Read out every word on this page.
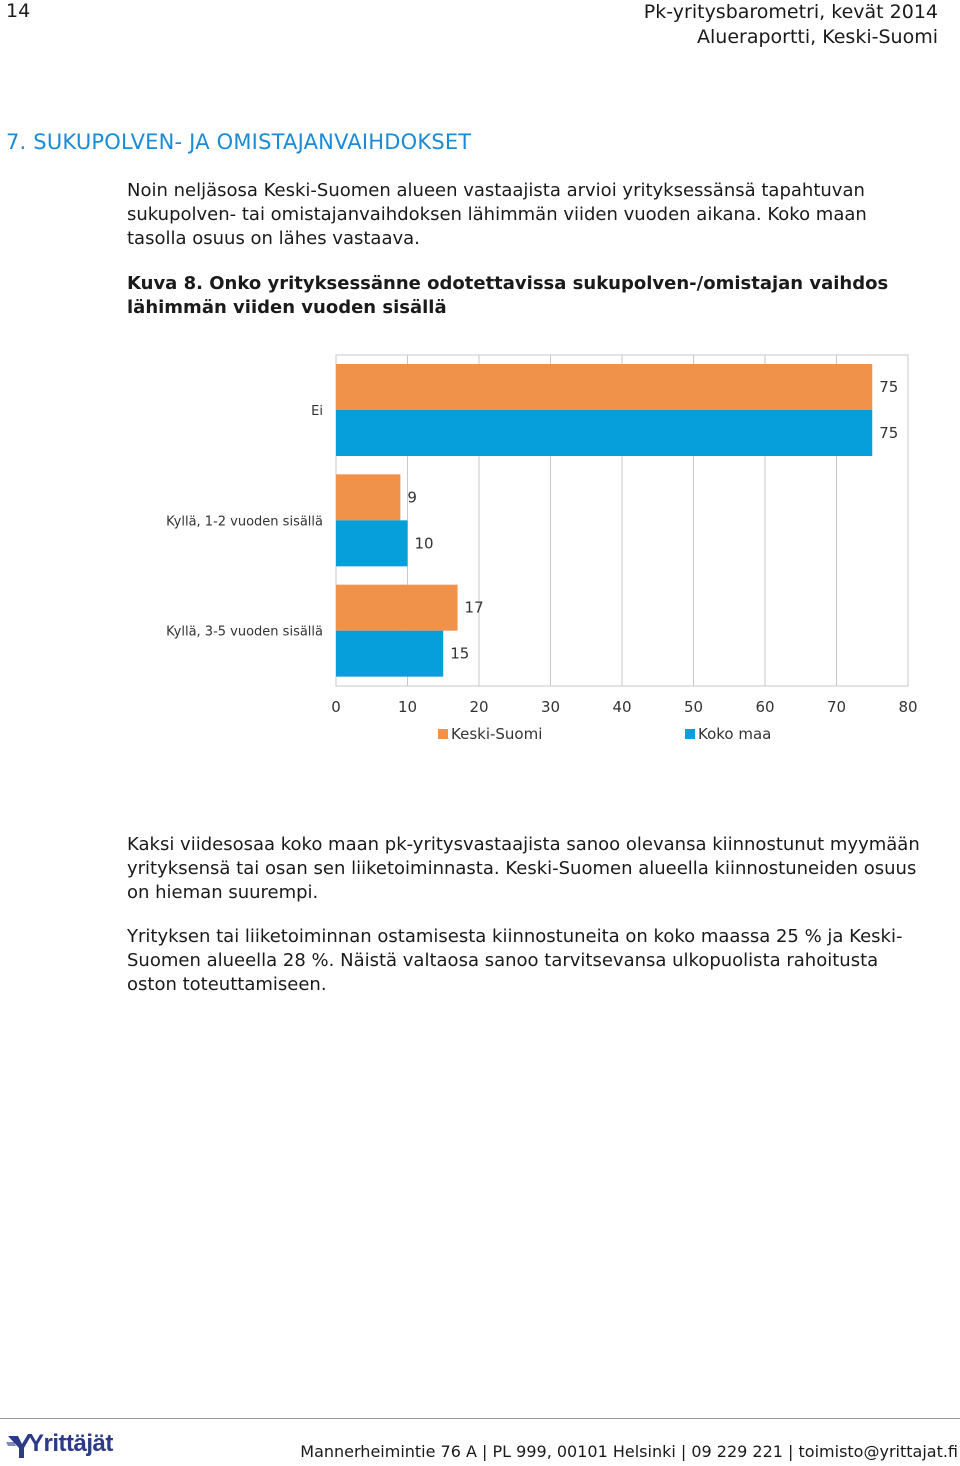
14	Pk-yritysbarometri, kevät 2014
Alueraportti, Keski-Suomi
7. SUKUPOLVEN- JA OMISTAJANVAIHDOKSET
Noin neljäsosa Keski-Suomen alueen vastaajista arvioi yrityksessänsä tapahtuvan sukupolven- tai omistajanvaihdoksen lähimmän viiden vuoden aikana. Koko maan tasolla osuus on lähes vastaava.
Kuva 8. Onko yrityksessänne odotettavissa sukupolven-/omistajan vaihdos lähimmän viiden vuoden sisällä
0	10	20	30	40	50	60	70	80
Ei
75
75
Kyllä, 1-2 vuoden sisällä
9
10
Kyllä, 3-5 vuoden sisällä
17
15
Keski-Suomi	Koko maa
Kaksi viidesosaa koko maan pk-yritysvastaajista sanoo olevansa kiinnostunut myymään yrityksensä tai osan sen liiketoiminnasta. Keski-Suomen alueella kiinnostuneiden osuus on hieman suurempi.
Yrityksen tai liiketoiminnan ostamisesta kiinnostuneita on koko maassa 25 % ja Keski-Suomen alueella 28 %. Näistä valtaosa sanoo tarvitsevansa ulkopuolista rahoitusta oston toteuttamiseen.
Yrittäjät	Mannerheimintie 76 A | PL 999, 00101 Helsinki | 09 229 221 | toimisto@yrittajat.fi
